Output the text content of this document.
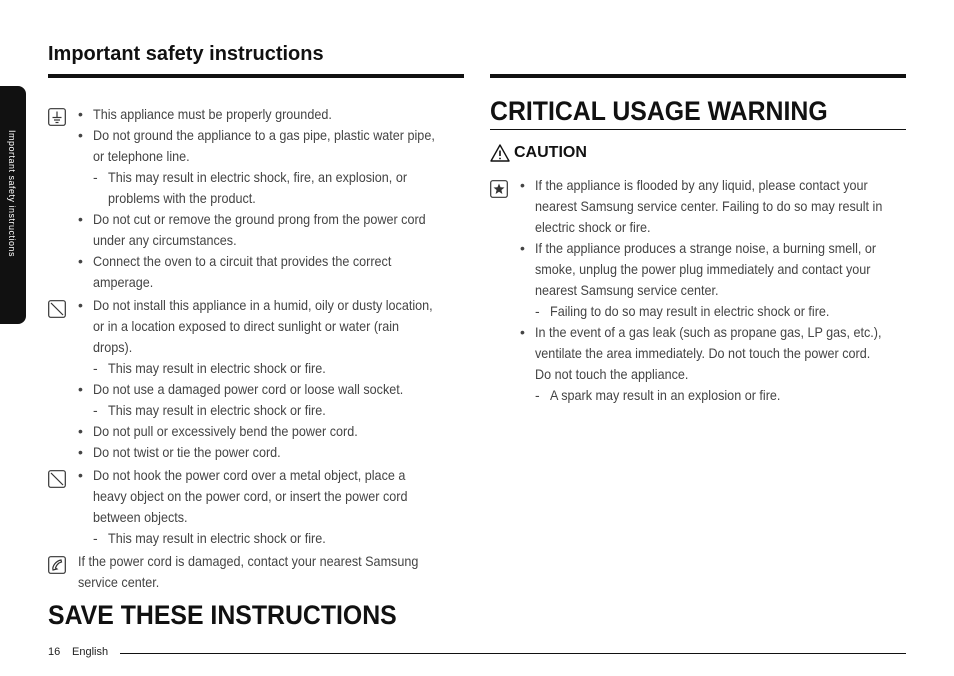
Important safety instructions
Important safety instructions
• This appliance must be properly grounded.
• Do not ground the appliance to a gas pipe, plastic water pipe,
or telephone line.
- This may result in electric shock, fire, an explosion, or
problems with the product.
• Do not cut or remove the ground prong from the power cord
under any circumstances.
• Connect the oven to a circuit that provides the correct
amperage.
• Do not install this appliance in a humid, oily or dusty location,
or in a location exposed to direct sunlight or water (rain
drops).
- This may result in electric shock or fire.
• Do not use a damaged power cord or loose wall socket.
- This may result in electric shock or fire.
• Do not pull or excessively bend the power cord.
• Do not twist or tie the power cord.
• Do not hook the power cord over a metal object, place a
heavy object on the power cord, or insert the power cord
between objects.
- This may result in electric shock or fire.
If the power cord is damaged, contact your nearest Samsung
service center.
SAVE THESE INSTRUCTIONS
CRITICAL USAGE WARNING
CAUTION
• If the appliance is flooded by any liquid, please contact your
nearest Samsung service center. Failing to do so may result in
electric shock or fire.
• If the appliance produces a strange noise, a burning smell, or
smoke, unplug the power plug immediately and contact your
nearest Samsung service center.
- Failing to do so may result in electric shock or fire.
• In the event of a gas leak (such as propane gas, LP gas, etc.),
ventilate the area immediately. Do not touch the power cord.
Do not touch the appliance.
- A spark may result in an explosion or fire.
16 English
